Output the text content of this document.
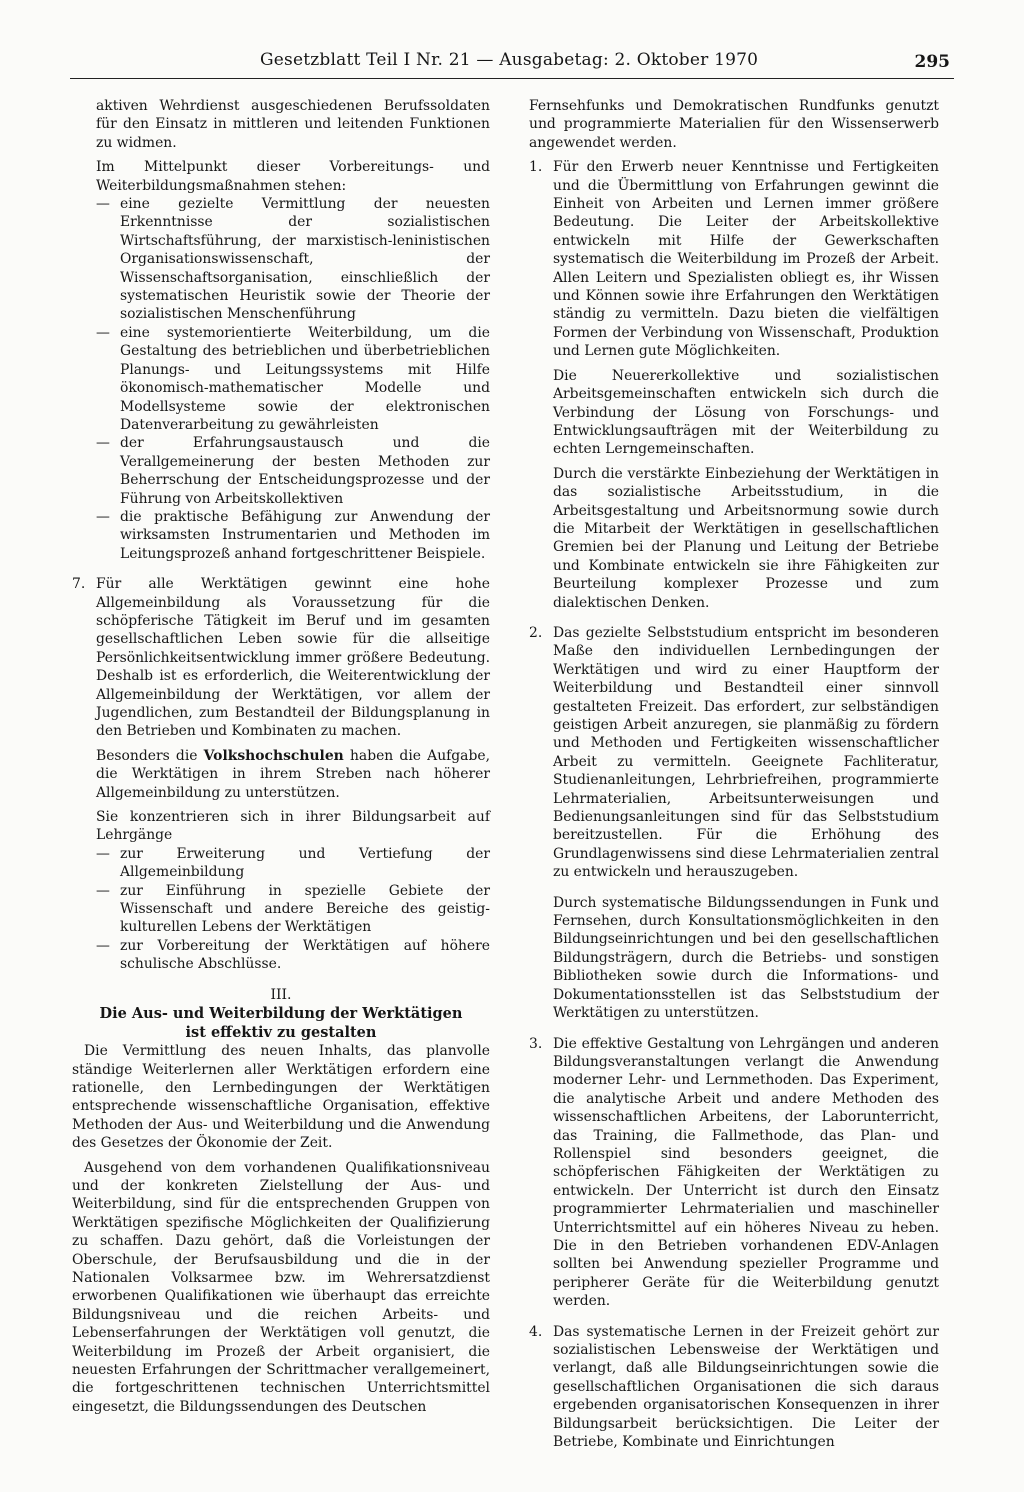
Gesetzblatt Teil I Nr. 21 — Ausgabetag: 2. Oktober 1970	295

aktiven Wehrdienst ausgeschiedenen Berufssoldaten für den Einsatz in mittleren und leitenden Funktionen zu widmen.

Im Mittelpunkt dieser Vorbereitungs- und Weiterbildungsmaßnahmen stehen:

— eine gezielte Vermittlung der neuesten Erkenntnisse der sozialistischen Wirtschaftsführung, der marxistisch-leninistischen Organisationswissenschaft, der Wissenschaftsorganisation, einschließlich der systematischen Heuristik sowie der Theorie der sozialistischen Menschenführung
— eine systemorientierte Weiterbildung, um die Gestaltung des betrieblichen und überbetrieblichen Planungs- und Leitungssystems mit Hilfe ökonomisch-mathematischer Modelle und Modellsysteme sowie der elektronischen Datenverarbeitung zu gewährleisten
— der Erfahrungsaustausch und die Verallgemeinerung der besten Methoden zur Beherrschung der Entscheidungsprozesse und der Führung von Arbeitskollektiven
— die praktische Befähigung zur Anwendung der wirksamsten Instrumentarien und Methoden im Leitungsprozeß anhand fortgeschrittener Beispiele.
7. Für alle Werktätigen gewinnt eine hohe Allgemeinbildung als Voraussetzung für die schöpferische Tätigkeit im Beruf und im gesamten gesellschaftlichen Leben sowie für die allseitige Persönlichkeitsentwicklung immer größere Bedeutung. Deshalb ist es erforderlich, die Weiterentwicklung der Allgemeinbildung der Werktätigen, vor allem der Jugendlichen, zum Bestandteil der Bildungsplanung in den Betrieben und Kombinaten zu machen.

Besonders die Volkshochschulen haben die Aufgabe, die Werktätigen in ihrem Streben nach höherer Allgemeinbildung zu unterstützen.

Sie konzentrieren sich in ihrer Bildungsarbeit auf Lehrgänge

— zur Erweiterung und Vertiefung der Allgemeinbildung
— zur Einführung in spezielle Gebiete der Wissenschaft und andere Bereiche des geistig-kulturellen Lebens der Werktätigen
— zur Vorbereitung der Werktätigen auf höhere schulische Abschlüsse.
III.
Die Aus- und Weiterbildung der Werktätigen
ist effektiv zu gestalten

Die Vermittlung des neuen Inhalts, das planvolle ständige Weiterlernen aller Werktätigen erfordern eine rationelle, den Lernbedingungen der Werktätigen entsprechende wissenschaftliche Organisation, effektive Methoden der Aus- und Weiterbildung und die Anwendung des Gesetzes der Ökonomie der Zeit.

Ausgehend von dem vorhandenen Qualifikationsniveau und der konkreten Zielstellung der Aus- und Weiterbildung, sind für die entsprechenden Gruppen von Werktätigen spezifische Möglichkeiten der Qualifizierung zu schaffen. Dazu gehört, daß die Vorleistungen der Oberschule, der Berufsausbildung und die in der Nationalen Volksarmee bzw. im Wehrersatzdienst erworbenen Qualifikationen wie überhaupt das erreichte Bildungsniveau und die reichen Arbeits- und Lebenserfahrungen der Werktätigen voll genutzt, die Weiterbildung im Prozeß der Arbeit organisiert, die neuesten Erfahrungen der Schrittmacher verallgemeinert, die fortgeschrittenen technischen Unterrichtsmittel eingesetzt, die Bildungssendungen des Deutschen

Fernsehfunks und Demokratischen Rundfunks genutzt und programmierte Materialien für den Wissenserwerb angewendet werden.

1. Für den Erwerb neuer Kenntnisse und Fertigkeiten und die Übermittlung von Erfahrungen gewinnt die Einheit von Arbeiten und Lernen immer größere Bedeutung. Die Leiter der Arbeitskollektive entwickeln mit Hilfe der Gewerkschaften systematisch die Weiterbildung im Prozeß der Arbeit. Allen Leitern und Spezialisten obliegt es, ihr Wissen und Können sowie ihre Erfahrungen den Werktätigen ständig zu vermitteln. Dazu bieten die vielfältigen Formen der Verbindung von Wissenschaft, Produktion und Lernen gute Möglichkeiten.

Die Neuererkollektive und sozialistischen Arbeitsgemeinschaften entwickeln sich durch die Verbindung der Lösung von Forschungs- und Entwicklungsaufträgen mit der Weiterbildung zu echten Lerngemeinschaften.

Durch die verstärkte Einbeziehung der Werktätigen in das sozialistische Arbeitsstudium, in die Arbeitsgestaltung und Arbeitsnormung sowie durch die Mitarbeit der Werktätigen in gesellschaftlichen Gremien bei der Planung und Leitung der Betriebe und Kombinate entwickeln sie ihre Fähigkeiten zur Beurteilung komplexer Prozesse und zum dialektischen Denken.

2. Das gezielte Selbststudium entspricht im besonderen Maße den individuellen Lernbedingungen der Werktätigen und wird zu einer Hauptform der Weiterbildung und Bestandteil einer sinnvoll gestalteten Freizeit. Das erfordert, zur selbständigen geistigen Arbeit anzuregen, sie planmäßig zu fördern und Methoden und Fertigkeiten wissenschaftlicher Arbeit zu vermitteln. Geeignete Fachliteratur, Studienanleitungen, Lehrbriefreihen, programmierte Lehrmaterialien, Arbeitsunterweisungen und Bedienungsanleitungen sind für das Selbststudium bereitzustellen. Für die Erhöhung des Grundlagenwissens sind diese Lehrmaterialien zentral zu entwickeln und herauszugeben.

Durch systematische Bildungssendungen in Funk und Fernsehen, durch Konsultationsmöglichkeiten in den Bildungseinrichtungen und bei den gesellschaftlichen Bildungsträgern, durch die Betriebs- und sonstigen Bibliotheken sowie durch die Informations- und Dokumentationsstellen ist das Selbststudium der Werktätigen zu unterstützen.

3. Die effektive Gestaltung von Lehrgängen und anderen Bildungsveranstaltungen verlangt die Anwendung moderner Lehr- und Lernmethoden. Das Experiment, die analytische Arbeit und andere Methoden des wissenschaftlichen Arbeitens, der Laborunterricht, das Training, die Fallmethode, das Plan- und Rollenspiel sind besonders geeignet, die schöpferischen Fähigkeiten der Werktätigen zu entwickeln. Der Unterricht ist durch den Einsatz programmierter Lehrmaterialien und maschineller Unterrichtsmittel auf ein höheres Niveau zu heben. Die in den Betrieben vorhandenen EDV-Anlagen sollten bei Anwendung spezieller Programme und peripherer Geräte für die Weiterbildung genutzt werden.
4. Das systematische Lernen in der Freizeit gehört zur sozialistischen Lebensweise der Werktätigen und verlangt, daß alle Bildungseinrichtungen sowie die gesellschaftlichen Organisationen die sich daraus ergebenden organisatorischen Konsequenzen in ihrer Bildungsarbeit berücksichtigen. Die Leiter der Betriebe, Kombinate und Einrichtungen
